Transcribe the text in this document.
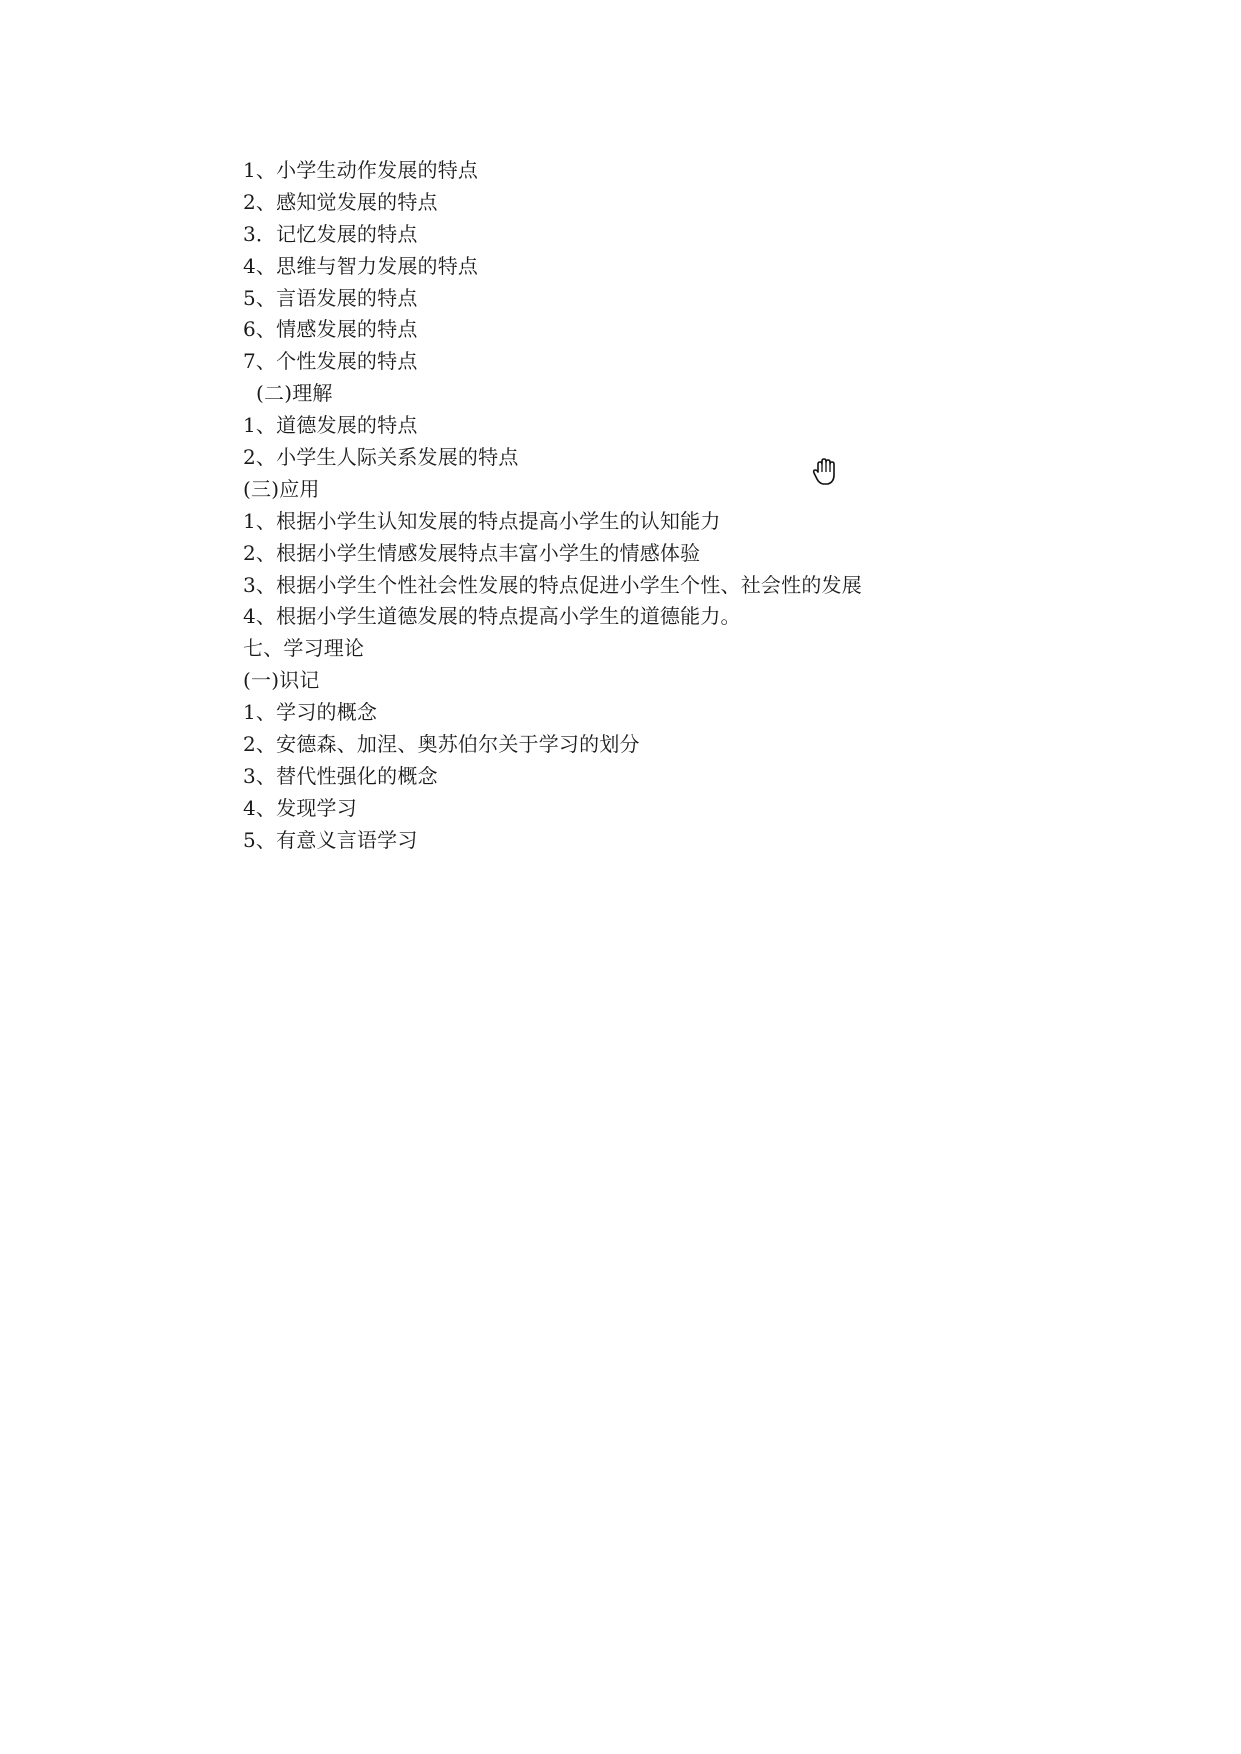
1、小学生动作发展的特点
2、感知觉发展的特点
3．记忆发展的特点
4、思维与智力发展的特点
5、言语发展的特点
6、情感发展的特点
7、个性发展的特点
(二)理解
1、道德发展的特点
2、小学生人际关系发展的特点
(三)应用
1、根据小学生认知发展的特点提高小学生的认知能力
2、根据小学生情感发展特点丰富小学生的情感体验
3、根据小学生个性社会性发展的特点促进小学生个性、社会性的发展
4、根据小学生道德发展的特点提高小学生的道德能力。
七、学习理论
(一)识记
1、学习的概念
2、安德森、加涅、奥苏伯尔关于学习的划分
3、替代性强化的概念
4、发现学习
5、有意义言语学习
